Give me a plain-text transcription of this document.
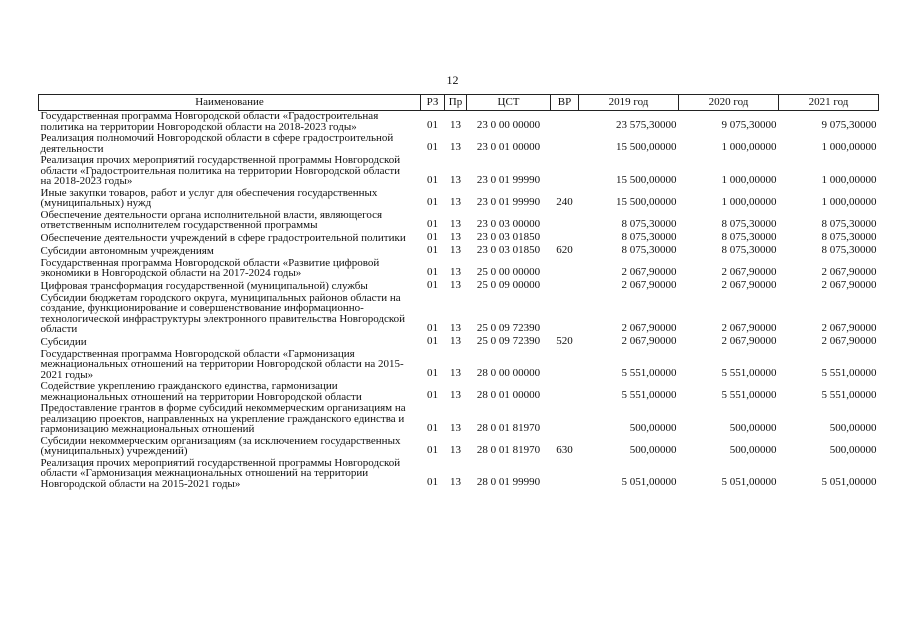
12
Наименование	РЗ	Пр	ЦСТ	ВР	2019 год	2020 год	2021 год
Государственная программа Новгородской области «Градостроительная политика на территории Новгородской области на 2018-2023 годы»	01	13	23 0 00 00000		23 575,30000	9 075,30000	9 075,30000
Реализация полномочий Новгородской области в сфере градостроительной деятельности	01	13	23 0 01 00000		15 500,00000	1 000,00000	1 000,00000
Реализация прочих мероприятий государственной программы Новгородской области «Градостроительная политика на территории Новгородской области на 2018-2023 годы»	01	13	23 0 01 99990		15 500,00000	1 000,00000	1 000,00000
Иные закупки товаров, работ и услуг для обеспечения государственных (муниципальных) нужд	01	13	23 0 01 99990	240	15 500,00000	1 000,00000	1 000,00000
Обеспечение деятельности органа исполнительной власти, являющегося ответственным исполнителем государственной программы	01	13	23 0 03 00000		8 075,30000	8 075,30000	8 075,30000
Обеспечение деятельности учреждений в сфере градостроительной политики	01	13	23 0 03 01850		8 075,30000	8 075,30000	8 075,30000
Субсидии автономным учреждениям	01	13	23 0 03 01850	620	8 075,30000	8 075,30000	8 075,30000
Государственная программа Новгородской области «Развитие цифровой экономики в Новгородской области на 2017-2024 годы»	01	13	25 0 00 00000		2 067,90000	2 067,90000	2 067,90000
Цифровая трансформация государственной (муниципальной) службы	01	13	25 0 09 00000		2 067,90000	2 067,90000	2 067,90000
Субсидии бюджетам городского округа, муниципальных районов области на создание, функционирование и совершенствование информационно-технологической инфраструктуры электронного правительства Новгородской области	01	13	25 0 09 72390		2 067,90000	2 067,90000	2 067,90000
Субсидии	01	13	25 0 09 72390	520	2 067,90000	2 067,90000	2 067,90000
Государственная программа Новгородской области «Гармонизация межнациональных отношений на территории Новгородской области на 2015-2021 годы»	01	13	28 0 00 00000		5 551,00000	5 551,00000	5 551,00000
Содействие укреплению гражданского единства, гармонизации межнациональных отношений на территории Новгородской области	01	13	28 0 01 00000		5 551,00000	5 551,00000	5 551,00000
Предоставление грантов в форме субсидий некоммерческим организациям на реализацию проектов, направленных на укрепление гражданского единства и гармонизацию межнациональных отношений	01	13	28 0 01 81970		500,00000	500,00000	500,00000
Субсидии некоммерческим организациям (за исключением государственных (муниципальных) учреждений)	01	13	28 0 01 81970	630	500,00000	500,00000	500,00000
Реализация прочих мероприятий государственной программы Новгородской области «Гармонизация межнациональных отношений на территории Новгородской области на 2015-2021 годы»	01	13	28 0 01 99990		5 051,00000	5 051,00000	5 051,00000
